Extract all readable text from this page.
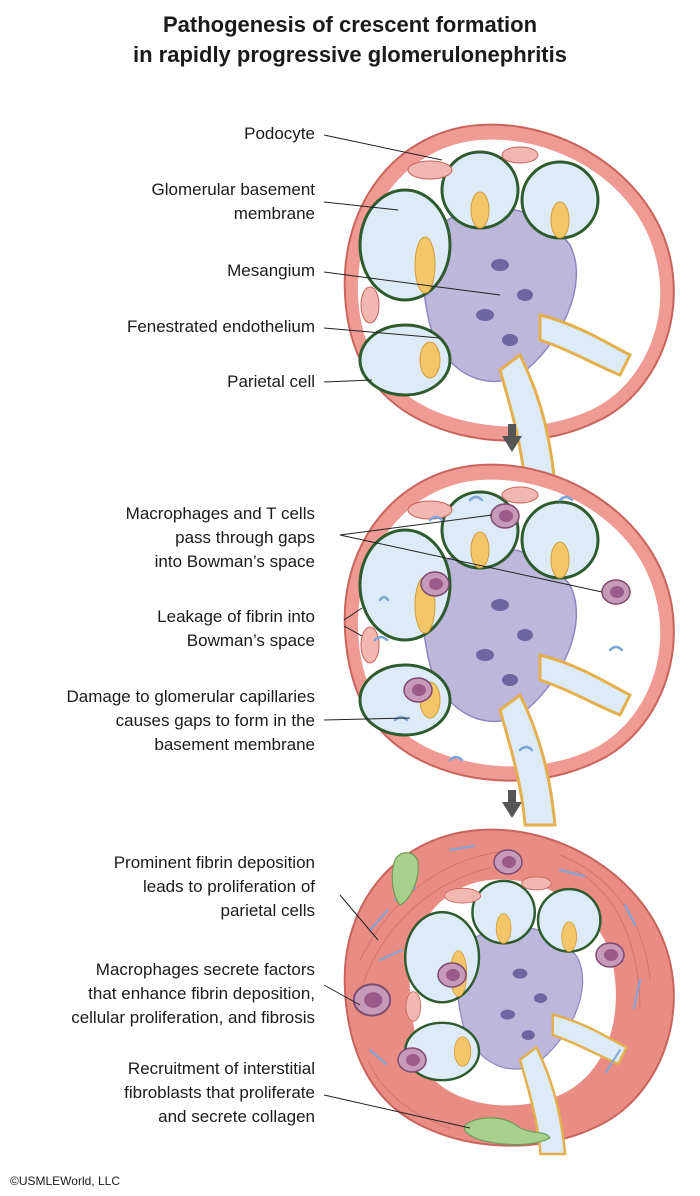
Pathogenesis of crescent formation
in rapidly progressive glomerulonephritis
Podocyte
Glomerular basement
membrane
Mesangium
Fenestrated endothelium
Parietal cell
Macrophages and T cells
pass through gaps
into Bowman’s space
Leakage of fibrin into
Bowman’s space
Damage to glomerular capillaries
causes gaps to form in the
basement membrane
Prominent fibrin deposition
leads to proliferation of
parietal cells
Macrophages secrete factors
that enhance fibrin deposition,
cellular proliferation, and fibrosis
Recruitment of interstitial
fibroblasts that proliferate
and secrete collagen
©USMLEWorld, LLC
